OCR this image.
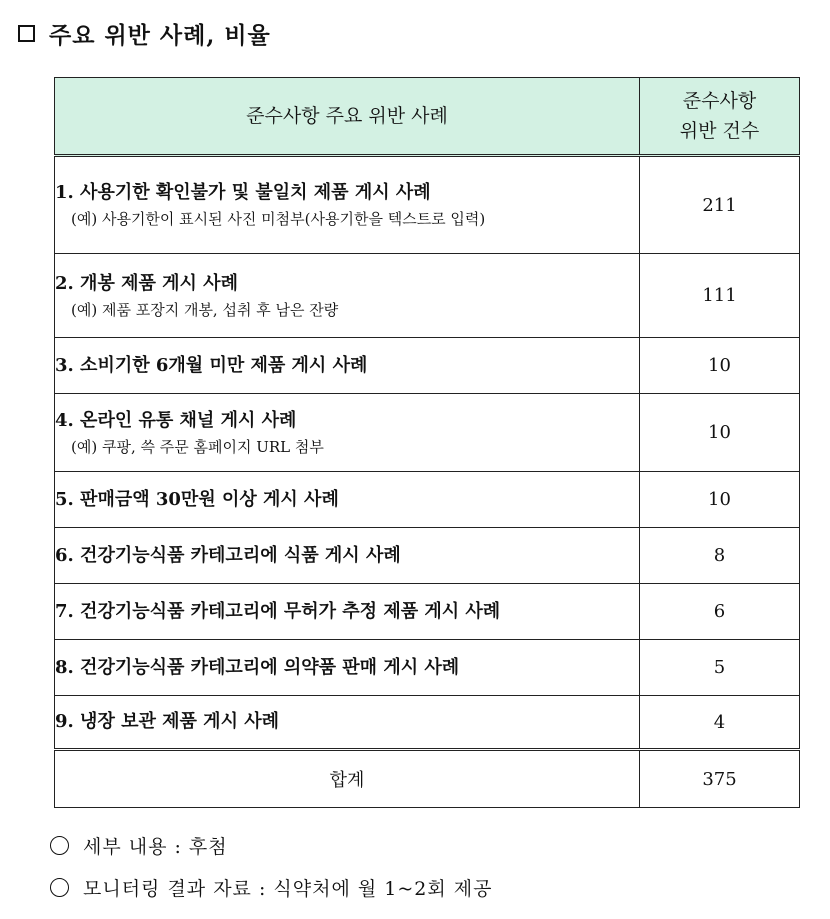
주요 위반 사례, 비율
준수사항 주요 위반 사례	준수사항
위반 건수

1. 사용기한 확인불가 및 불일치 제품 게시 사례
(예) 사용기한이 표시된 사진 미첨부(사용기한을 텍스트로 입력)	211

2. 개봉 제품 게시 사례
(예) 제품 포장지 개봉, 섭취 후 남은 잔량	111

3. 소비기한 6개월 미만 제품 게시 사례	10

4. 온라인 유통 채널 게시 사례
(예) 쿠팡, 쓱 주문 홈페이지 URL 첨부	10

5. 판매금액 30만원 이상 게시 사례	10

6. 건강기능식품 카테고리에 식품 게시 사례	8

7. 건강기능식품 카테고리에 무허가 추정 제품 게시 사례	6

8. 건강기능식품 카테고리에 의약품 판매 게시 사례	5

9. 냉장 보관 제품 게시 사례	4
합계	375
세부 내용 : 후첨
모니터링 결과 자료 : 식약처에 월 1~2회 제공
